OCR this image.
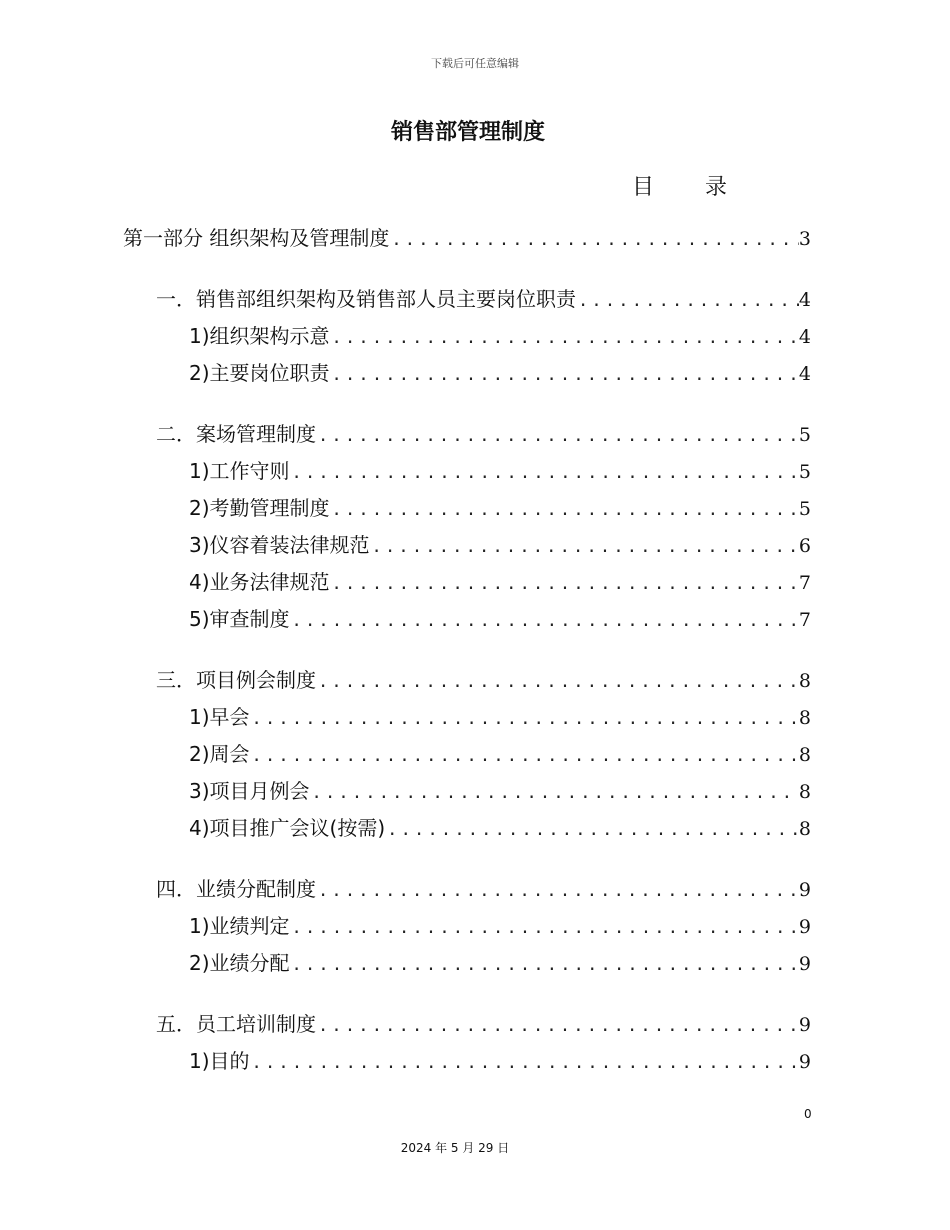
下载后可任意编辑
销售部管理制度
目 录
第一部分 组织架构及管理制度 .....	3
一．销售部组织架构及销售部人员主要岗位职责 .....	4
1)组织架构示意 .....	4
2)主要岗位职责 .....	4
二．案场管理制度 .....	5
1)工作守则 .....	5
2)考勤管理制度 .....	5
3)仪容着装法律规范 .....	6
4)业务法律规范 .....	7
5)审查制度 .....	7
三．项目例会制度 .....	8
1)早会 .....	8
2)周会 .....	8
3)项目月例会 .....	8
4)项目推广会议(按需) .....	8
四．业绩分配制度 .....	9
1)业绩判定 .....	9
2)业绩分配 .....	9
五．员工培训制度 .....	9
1)目的 .....	9
0
2024 年 5 月 29 日
